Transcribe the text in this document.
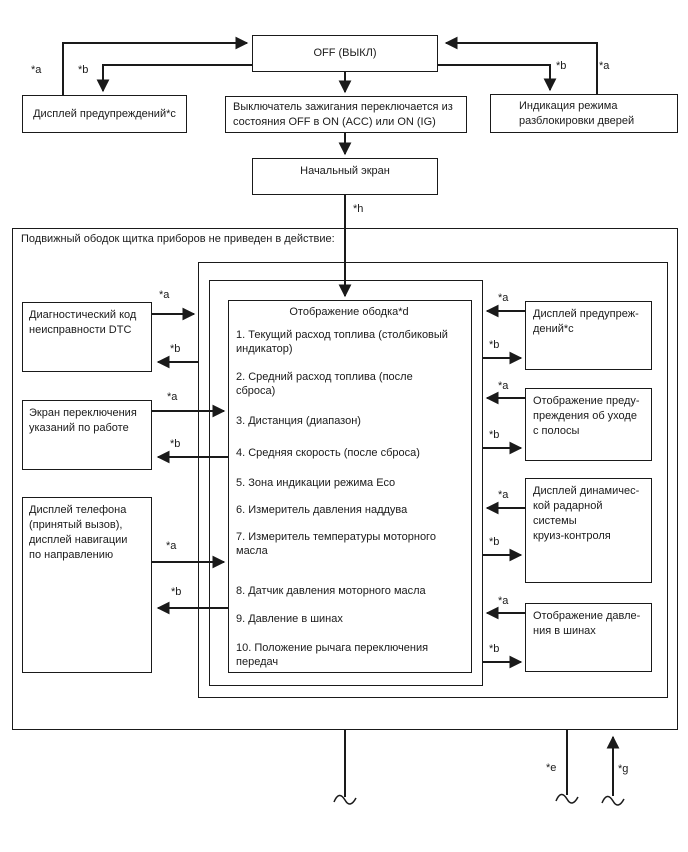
Подвижный ободок щитка приборов не приведен в действие:
OFF (ВЫКЛ)
Дисплей предупреждений*c
Выключатель зажигания переключается из
состояния OFF в ON (ACC) или ON (IG)
Индикация режима
разблокировки дверей
Начальный экран
Диагностический код
неисправности DTC
Экран переключения
указаний по работе
Дисплей телефона
(принятый вызов),
дисплей навигации
по направлению
Отображение ободка*d
1. Текущий расход топлива (столбиковый индикатор)
2. Средний расход топлива (после сброса)
3. Дистанция (диапазон)
4. Средняя скорость (после сброса)
5. Зона индикации режима Eco
6. Измеритель давления наддува
7. Измеритель температуры моторного масла
8. Датчик давления моторного масла
9. Давление в шинах
10. Положение рычага переключения передач
Дисплей предупреж-
дений*c
Отображение преду-
преждения об уходе
с полосы
Дисплей динамичес-
кой радарной системы
круиз-контроля
Отображение давле-
ния в шинах
*a	*b	*b	*a
*h
*a
*b
*a
*b
*a
*b
*a
*b
*a
*b
*a
*b
*a
*b
*e	*g
